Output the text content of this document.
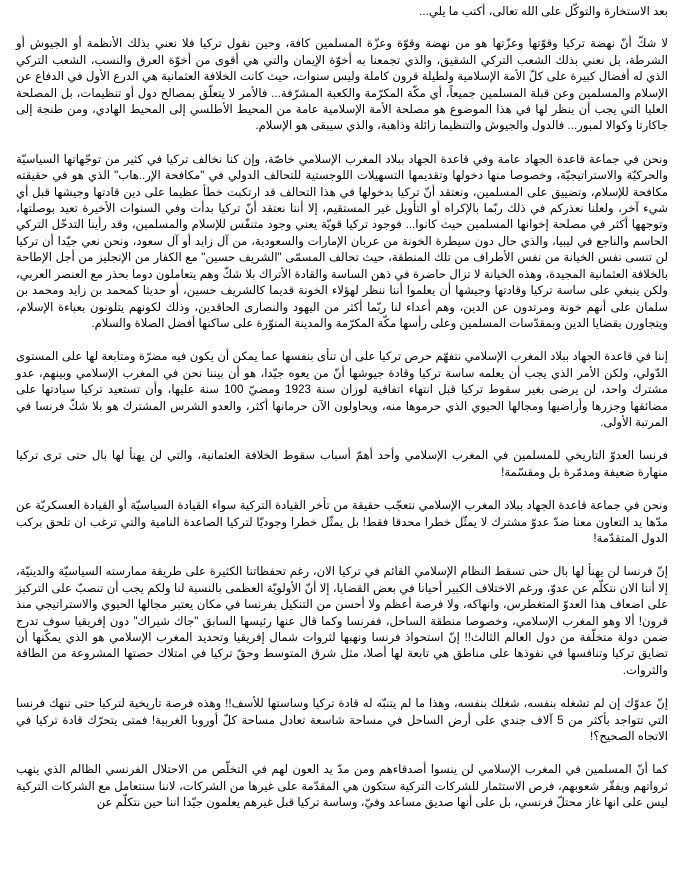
بعد الاستخارة والتوكّل على الله تعالى، أكتب ما يلي...

لا شكّ أنّ نهضة تركيا وقوّتها وعزّتها هو من نهضة وقوّة وعزّة المسلمين كافة، وحين نقول تركيا فلا نعني بذلك الأنظمة أو الجيوش أو الشرطة، بل نعني بذلك الشعب التركي الشقيق، والذي تجمعنا به أخوّة الإيمان والتي هي أقوى من أخوّة العرق والنسب، الشعب التركي الذي له أفضال كبيرة على كلّ الأمة الإسلامية ولطيلة قرون كاملة وليس سنوات، حيث كانت الخلافة العثمانية هي الدرع الأول في الدفاع عن الإسلام والمسلمين وعن قبلة المسلمين جميعاً، أي مكّة المكرّمة والكعبة المشرّفة... فالأمر لا يتعلّق بمصالح دول أو تنظيمات، بل المصلحة العليا التي يجب أن ينظر لها في هذا الموضوع هو مصلحة الأمة الإسلامية عامة من المحيط الأطلسي إلى المحيط الهادي، ومن طنجة إلى جاكارتا وكوالا لمبور... فالدول والجيوش والتنظيما زائلة وذاهبة، والذي سيبقى هو الإسلام.

ونحن في جماعة قاعدة الجهاد عامة وفي قاعدة الجهاد ببلاد المغرب الإسلامي خاصّة، وإن كنا نخالف تركيا في كثير من توجّهاتها السياسيّة والحركيّة والاستراتيجيّة، وخصوصا منها دخولها وتقديمها التسهيلات اللوجستية للتحالف الدولي في "مكافحة الإر..هاب" الذي هو في حقيقته مكافحة للإسلام، وتضييق على المسلمين، ونعتقد أنّ تركيا بدخولها في هذا التحالف قد ارتكبت خطأ عظيما على دين قادتها وجيشها قبل أي شيء آخر، ولعلنا نعذركم في ذلك ربّما بالإكراه أو التأويل غير المستقيم، إلا أننا نعتقد أنّ تركيا بدأت وفي السنوات الأخيرة تعيد بوصلتها، وتوجهها أكثر في مصلحة إخوانها المسلمين حيث كانوا... فوجود تركيا قويّة يعني وجود متنفّس للإسلام والمسلمين، وقد رأينا التدخّل التركي الحاسم والناجع في ليبيا، والذي حال دون سيطرة الخونة من عربان الإمارات والسعودية، من آل زايد أو آل سعود، ونحن نعي جيّدا أن تركيا لن تنسى نفس الخيانة من نفس الأطراف من تلك المنطقة، حيث تحالف المسمّى "الشريف حسين" مع الكفار من الإنجليز من أجل الإطاحة بالخلافة العثمانية المجيدة، وهذه الخيانة لا تزال حاضرة في ذهن الساسة والقادة الأتراك بلا شكّ وهم يتعاملون دوما بحذر مع العنصر العربي، ولكن ينبغي على ساسة تركيا وقادتها وجيشها أن يعلموا أننا ننظر لهؤلاء الخونة قديما كالشريف حسين، أو حديثا كمحمد بن زايد ومحمد بن سلمان على أنهم خونة ومرتدون عن الدين، وهم أعداء لنا ربّما أكثر من اليهود والنصارى الحاقدين، وذلك لكونهم يتلونون بعباءة الإسلام، ويتجاورن بقضايا الدين وبمقدّسات المسلمين وعلى رأسها مكّة المكرّمة والمدينة المنوّرة على ساكنها أفضل الصلاة والسلام.

إننا في قاعدة الجهاد ببلاد المغرب الإسلامي نتفهّم حرص تركيا على أن تنأى بنفسها عما يمكن أن يكون فيه مضرّة ومتابعة لها على المستوى الدّولي، ولكن الأمر الذي يجب أن يعلمه ساسة تركيا وقادة جيوشها أنّ من يعوه جيّدا، هو أن بيننا نحن في المغرب الإسلامي وبينهم، عدو مشترك واحد، لن يرضى بغير سقوط تركيا قبل انتهاء اتفاقية لوزان سنة 1923 ومضيّ 100 سنة عليها، وأن تستعيد تركيا سيادتها على مضائقها وجزرها وأراضيها ومجالها الحيوي الذي حرموها منه، ويحاولون الآن حرمانها أكثر، والعدو الشرس المشترك هو بلا شكّ فرنسا في المرتبة الأولى.

فرنسا العدوّ التاريخي للمسلمين في المغرب الإسلامي وأحد أهمّ أسباب سقوط الخلافة العثمانية، والتي لن يهنأ لها بال حتى ترى تركيا منهارة ضعيفة ومدمّرة بل ومقسّمة!

ونحن في جماعة قاعدة الجهاد ببلاد المغرب الإسلامي نتعجّب حقيقة من تأخر القيادة التركية سواء القيادة السياسيّة أو القيادة العسكريّة عن مدّها يد التعاون معنا ضدّ عدوّ مشترك لا يمثّل خطرا محدقا فقط! بل يمثّل خطرا وجوديّا لتركيا الصاعدة النامية والتي ترغب ان تلحق بركب الدول المتقدّمة!

إنّ فرنسا لن يهنأ لها بال حتى تسقط النظام الإسلامي القائم في تركيا الان، رغم تحفظاتنا الكثيرة على طريقة ممارسته السياسيّة والدينيّة، إلا أننا الان نتكلّم عن عدوّ، ورغم الاختلاف الكبير أحيانا في بعض القضايا، إلا أنّ الأولويّة العظمى بالنسبة لنا ولكم يجب أن تنصبّ على التركيز على اضعاف هذا العدوّ المتغطرس، وانهاكه، ولا فرصة أعظم ولا أحسن من التنكيل بفرنسا في مكان يعتبر مجالها الحيوي والاستراتيجي منذ قرون! ألا وهو المغرب الإسلامي، وخصوصا منطقة الساحل، ففرنسا وكما قال عنها رئيسها السابق "جاك شيراك" دون إفريقيا سوف تدرج ضمن دولة متخلّفة من دول العالم الثالث!! إنّ استحواذ فرنسا ونهبها لثروات شمال إفريقيا وتحديد المغرب الإسلامي هو الذي يمكّنها أن تضايق تركيا وتنافسها في نفوذها على مناطق هي تابعة لها أصلا، مثل شرق المتوسط وحقّ تركيا في امتلاك حصتها المشروعة من الطاقة والثروات.

إنّ عدوّك إن لم تشغله بنفسه، شغلك بنفسه، وهذا ما لم يتنبّه له قادة تركيا وساستها للأسف!! وهذه فرصة تاريخية لتركيا حتى تنهك فرنسا التي تتواجد بأكثر من 5 آلاف جندي على أرض الساحل في مساحة شاسعة تعادل مساحة كلّ أوروبا الغربية! فمتى يتحرّك قادة تركيا في الاتجاه الصحيح؟!

كما أنّ المسلمين في المغرب الإسلامي لن ينسوا أصدقاءهم ومن مدّ يد العون لهم في التخلّص من الاحتلال الفرنسي الظالم الذي ينهب ثرواتهم ويفقّر شعوبهم، فرص الاستثمار للشركات التركية ستكون هي المقدّمة على غيرها من الشركات، لاننا سنتعامل مع الشركات التركية ليس على انها غاز محتلّ فرنسي، بل على أنها صديق مساعد وفيّ، وساسة تركيا قبل غيرهم يعلمون جيّدا اننا حين نتكلّم عن
